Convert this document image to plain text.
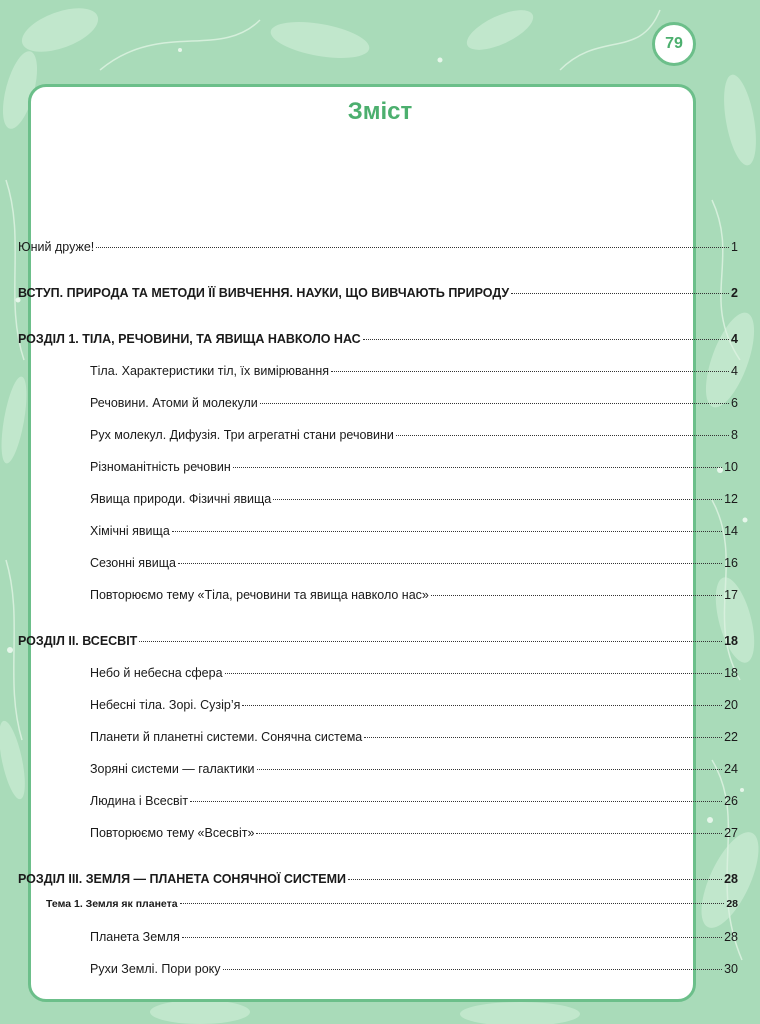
79
Зміст
Юний друже!	1
ВСТУП. ПРИРОДА ТА МЕТОДИ ЇЇ ВИВЧЕННЯ. НАУКИ, ЩО ВИВЧАЮТЬ ПРИРОДУ	2
РОЗДІЛ 1. ТІЛА, РЕЧОВИНИ, ТА ЯВИЩА НАВКОЛО НАС	4
Тіла. Характеристики тіл, їх вимірювання	4
Речовини. Атоми й молекули	6
Рух молекул. Дифузія. Три агрегатні стани речовини	8
Різноманітність речовин	10
Явища природи. Фізичні явища	12
Хімічні явища	14
Сезонні явища	16
Повторюємо тему «Тіла, речовини та явища навколо нас»	17
РОЗДІЛ ІІ. ВСЕСВІТ	18
Небо й небесна сфера	18
Небесні тіла. Зорі. Сузір’я	20
Планети й планетні системи. Сонячна система	22
Зоряні системи — галактики	24
Людина і Всесвіт	26
Повторюємо тему «Всесвіт»	27
РОЗДІЛ ІІІ. ЗЕМЛЯ — ПЛАНЕТА СОНЯЧНОЇ СИСТЕМИ	28
Тема 1. Земля як планета	28
Планета Земля	28
Рухи Землі. Пори року	30
